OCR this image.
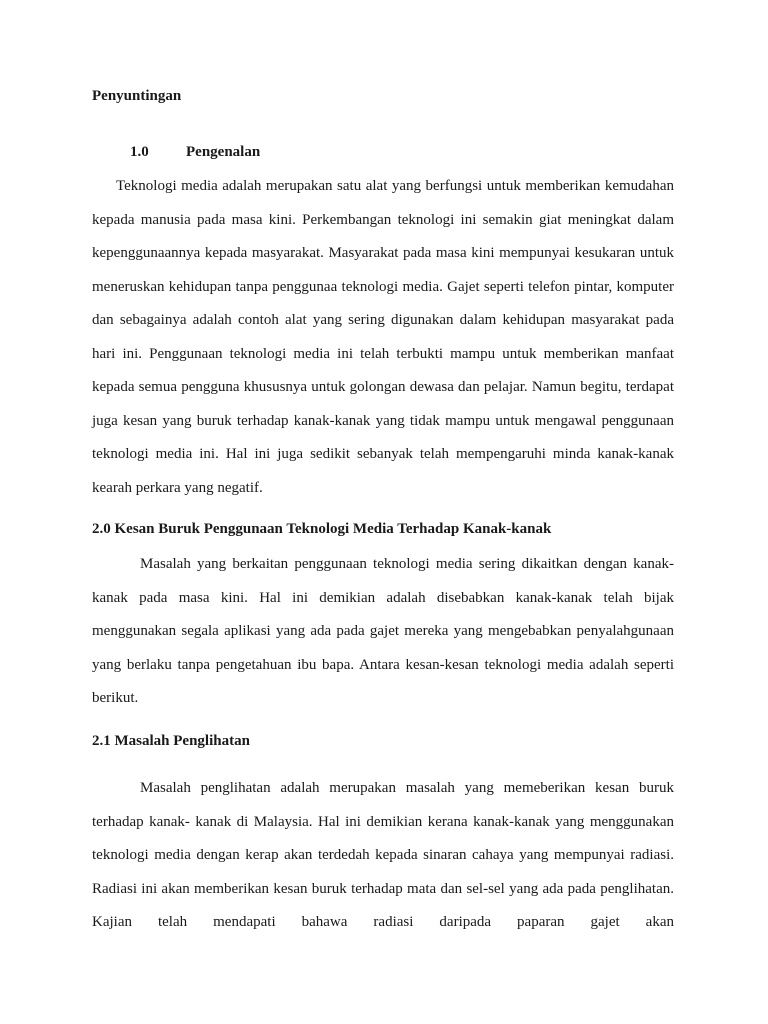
Penyuntingan
1.0 Pengenalan

Teknologi media adalah merupakan satu alat yang berfungsi untuk memberikan kemudahan kepada manusia pada masa kini. Perkembangan teknologi ini semakin giat meningkat dalam kepenggunaannya kepada masyarakat. Masyarakat pada masa kini mempunyai kesukaran untuk meneruskan kehidupan tanpa penggunaa teknologi media. Gajet seperti telefon pintar, komputer dan sebagainya adalah contoh alat yang sering digunakan dalam kehidupan masyarakat pada hari ini. Penggunaan teknologi media ini telah terbukti mampu untuk memberikan manfaat kepada semua pengguna khususnya untuk golongan dewasa dan pelajar. Namun begitu, terdapat juga kesan yang buruk terhadap kanak-kanak yang tidak mampu untuk mengawal penggunaan teknologi media ini. Hal ini juga sedikit sebanyak telah mempengaruhi minda kanak-kanak kearah perkara yang negatif.

2.0 Kesan Buruk Penggunaan Teknologi Media Terhadap Kanak-kanak

Masalah yang berkaitan penggunaan teknologi media sering dikaitkan dengan kanak-kanak pada masa kini. Hal ini demikian adalah disebabkan kanak-kanak telah bijak menggunakan segala aplikasi yang ada pada gajet mereka yang mengebabkan penyalahgunaan yang berlaku tanpa pengetahuan ibu bapa. Antara kesan-kesan teknologi media adalah seperti berikut.

2.1 Masalah Penglihatan

Masalah penglihatan adalah merupakan masalah yang memeberikan kesan buruk terhadap kanak- kanak di Malaysia. Hal ini demikian kerana kanak-kanak yang menggunakan teknologi media dengan kerap akan terdedah kepada sinaran cahaya yang mempunyai radiasi. Radiasi ini akan memberikan kesan buruk terhadap mata dan sel-sel yang ada pada penglihatan. Kajian telah mendapati bahawa radiasi daripada paparan gajet akan
